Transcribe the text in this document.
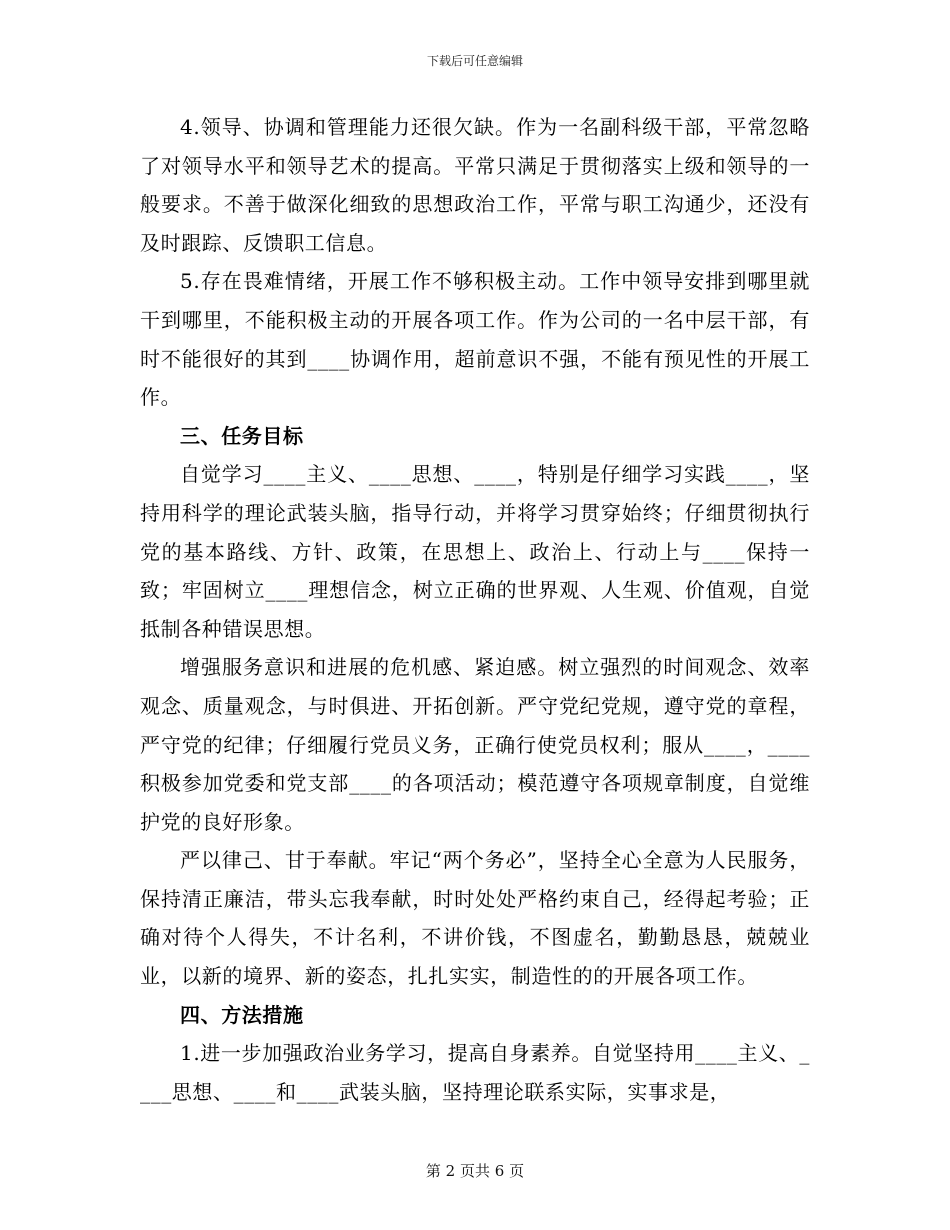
下载后可任意编辑

4.领导、协调和管理能力还很欠缺。作为一名副科级干部，平常忽略了对领导水平和领导艺术的提高。平常只满足于贯彻落实上级和领导的一般要求。不善于做深化细致的思想政治工作，平常与职工沟通少，还没有及时跟踪、反馈职工信息。

5.存在畏难情绪，开展工作不够积极主动。工作中领导安排到哪里就干到哪里，不能积极主动的开展各项工作。作为公司的一名中层干部，有时不能很好的其到____协调作用，超前意识不强，不能有预见性的开展工作。

三、任务目标

自觉学习____主义、____思想、____，特别是仔细学习实践____，坚持用科学的理论武装头脑，指导行动，并将学习贯穿始终；仔细贯彻执行党的基本路线、方针、政策，在思想上、政治上、行动上与____保持一致；牢固树立____理想信念，树立正确的世界观、人生观、价值观，自觉抵制各种错误思想。

增强服务意识和进展的危机感、紧迫感。树立强烈的时间观念、效率观念、质量观念，与时俱进、开拓创新。严守党纪党规，遵守党的章程，严守党的纪律；仔细履行党员义务，正确行使党员权利；服从____，____积极参加党委和党支部____的各项活动；模范遵守各项规章制度，自觉维护党的良好形象。

严以律己、甘于奉献。牢记“两个务必”，坚持全心全意为人民服务，保持清正廉洁，带头忘我奉献，时时处处严格约束自己，经得起考验；正确对待个人得失，不计名利，不讲价钱，不图虚名，勤勤恳恳，兢兢业业，以新的境界、新的姿态，扎扎实实，制造性的的开展各项工作。

四、方法措施

1.进一步加强政治业务学习，提高自身素养。自觉坚持用____主义、____思想、____和____武装头脑，坚持理论联系实际，实事求是，

第 2 页共 6 页
